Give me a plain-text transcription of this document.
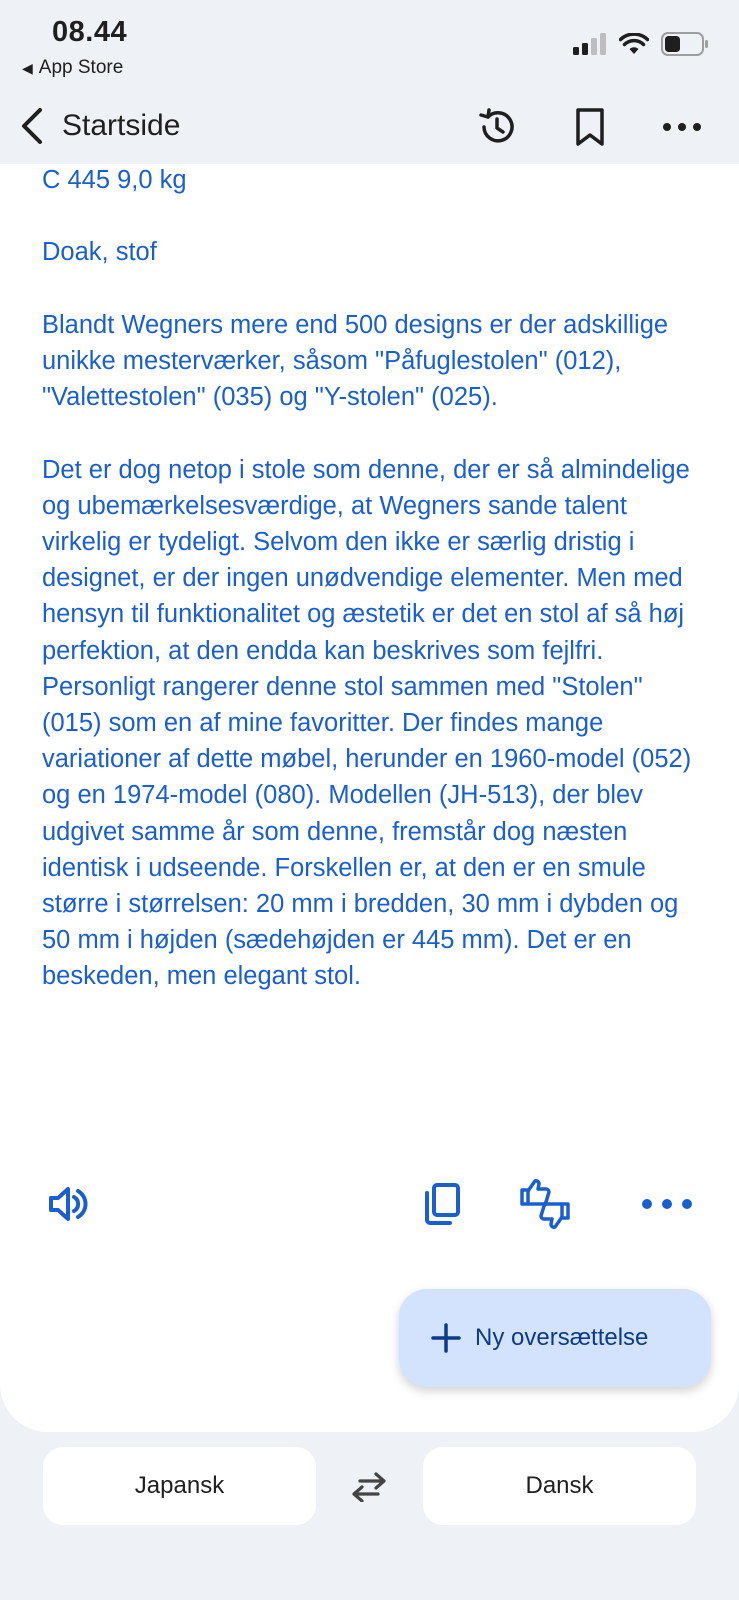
08.44
◀ App Store
Startside

C 445 9,0 kg

Doak, stof

Blandt Wegners mere end 500 designs er der adskillige unikke mesterværker, såsom "Påfuglestolen" (012), "Valettestolen" (035) og "Y-stolen" (025).

Det er dog netop i stole som denne, der er så almindelige og ubemærkelsesværdige, at Wegners sande talent virkelig er tydeligt. Selvom den ikke er særlig dristig i designet, er der ingen unødvendige elementer. Men med hensyn til funktionalitet og æstetik er det en stol af så høj perfektion, at den endda kan beskrives som fejlfri. Personligt rangerer denne stol sammen med "Stolen" (015) som en af mine favoritter. Der findes mange variationer af dette møbel, herunder en 1960-model (052) og en 1974-model (080). Modellen (JH-513), der blev udgivet samme år som denne, fremstår dog næsten identisk i udseende. Forskellen er, at den er en smule større i størrelsen: 20 mm i bredden, 30 mm i dybden og 50 mm i højden (sædehøjden er 445 mm). Det er en beskeden, men elegant stol.

Ny oversættelse
Japansk	Dansk
